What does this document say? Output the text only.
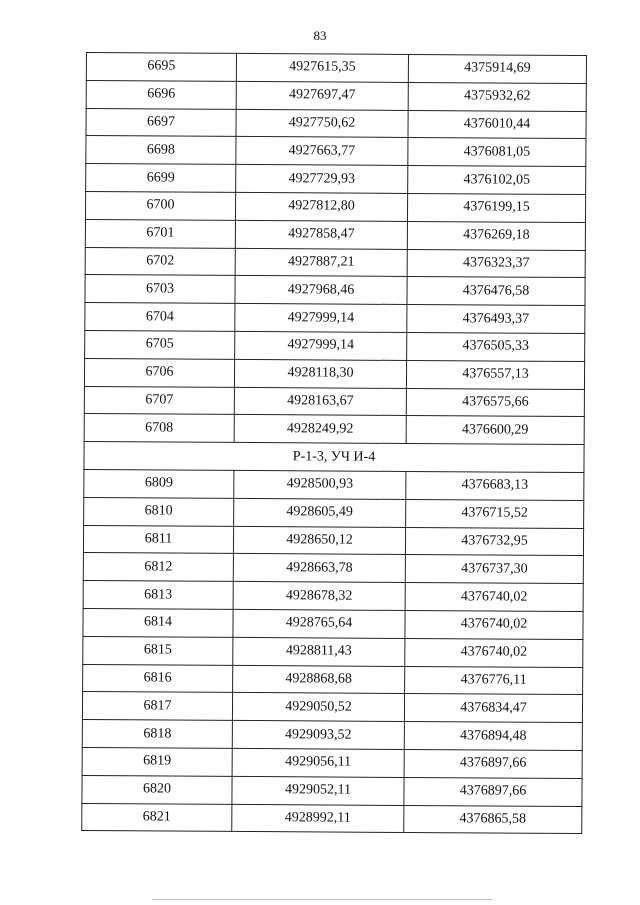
83
6695	4927615,35	4375914,69
6696	4927697,47	4375932,62
6697	4927750,62	4376010,44
6698	4927663,77	4376081,05
6699	4927729,93	4376102,05
6700	4927812,80	4376199,15
6701	4927858,47	4376269,18
6702	4927887,21	4376323,37
6703	4927968,46	4376476,58
6704	4927999,14	4376493,37
6705	4927999,14	4376505,33
6706	4928118,30	4376557,13
6707	4928163,67	4376575,66
6708	4928249,92	4376600,29
Р-1-3, УЧ И-4		
6809	4928500,93	4376683,13
6810	4928605,49	4376715,52
6811	4928650,12	4376732,95
6812	4928663,78	4376737,30
6813	4928678,32	4376740,02
6814	4928765,64	4376740,02
6815	4928811,43	4376740,02
6816	4928868,68	4376776,11
6817	4929050,52	4376834,47
6818	4929093,52	4376894,48
6819	4929056,11	4376897,66
6820	4929052,11	4376897,66
6821	4928992,11	4376865,58
